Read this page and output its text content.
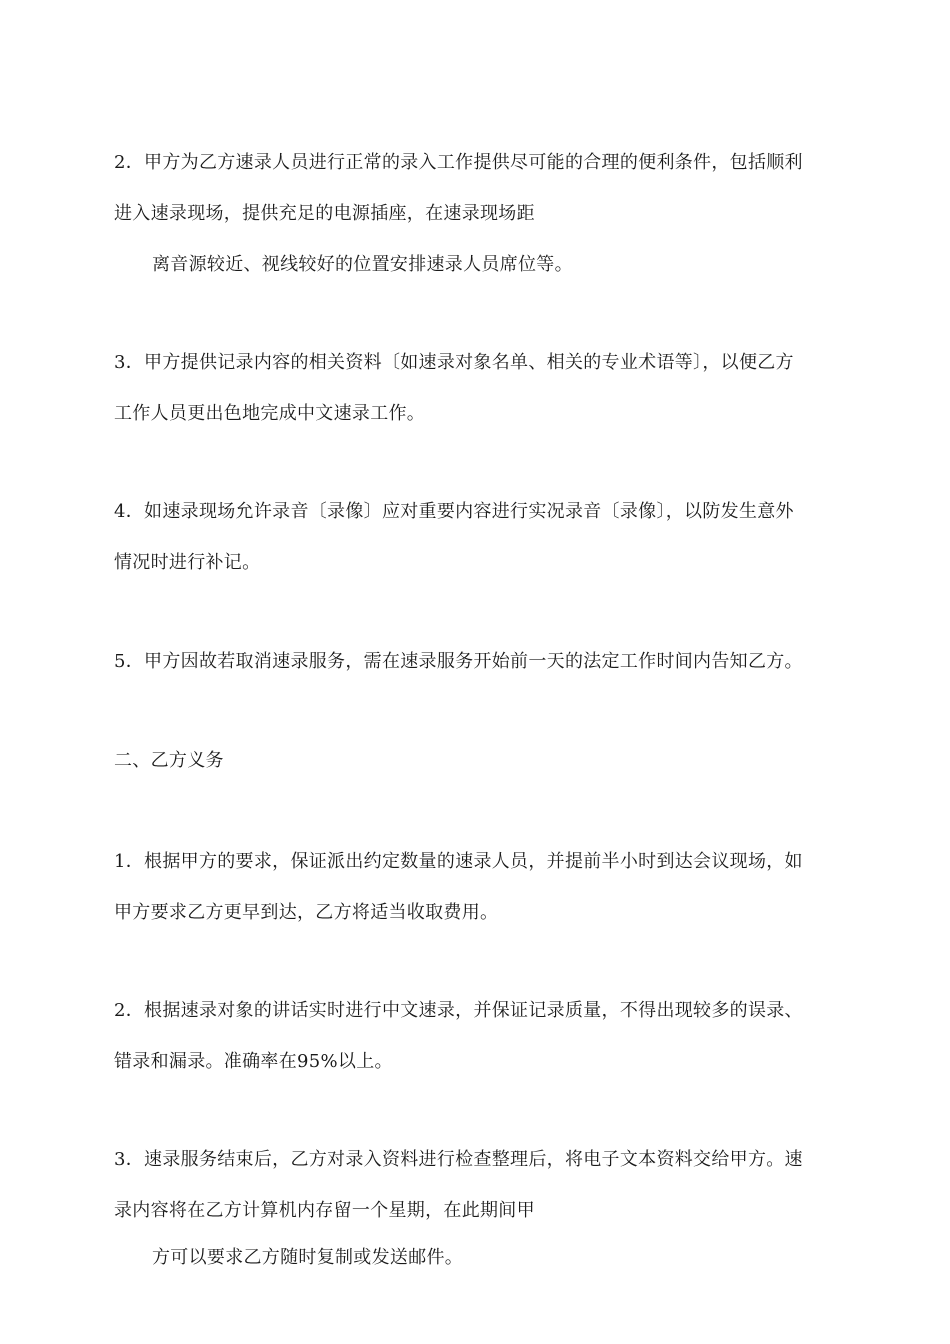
2．甲方为乙方速录人员进行正常的录入工作提供尽可能的合理的便利条件，包括顺利
进入速录现场，提供充足的电源插座，在速录现场距
离音源较近、视线较好的位置安排速录人员席位等。
3．甲方提供记录内容的相关资料〔如速录对象名单、相关的专业术语等〕，以便乙方
工作人员更出色地完成中文速录工作。
4．如速录现场允许录音〔录像〕应对重要内容进行实况录音〔录像〕，以防发生意外
情况时进行补记。
5．甲方因故若取消速录服务，需在速录服务开始前一天的法定工作时间内告知乙方。
二、乙方义务
1．根据甲方的要求，保证派出约定数量的速录人员，并提前半小时到达会议现场，如
甲方要求乙方更早到达，乙方将适当收取费用。
2．根据速录对象的讲话实时进行中文速录，并保证记录质量，不得出现较多的误录、
错录和漏录。准确率在95%以上。
3．速录服务结束后，乙方对录入资料进行检查整理后，将电子文本资料交给甲方。速
录内容将在乙方计算机内存留一个星期，在此期间甲
方可以要求乙方随时复制或发送邮件。
